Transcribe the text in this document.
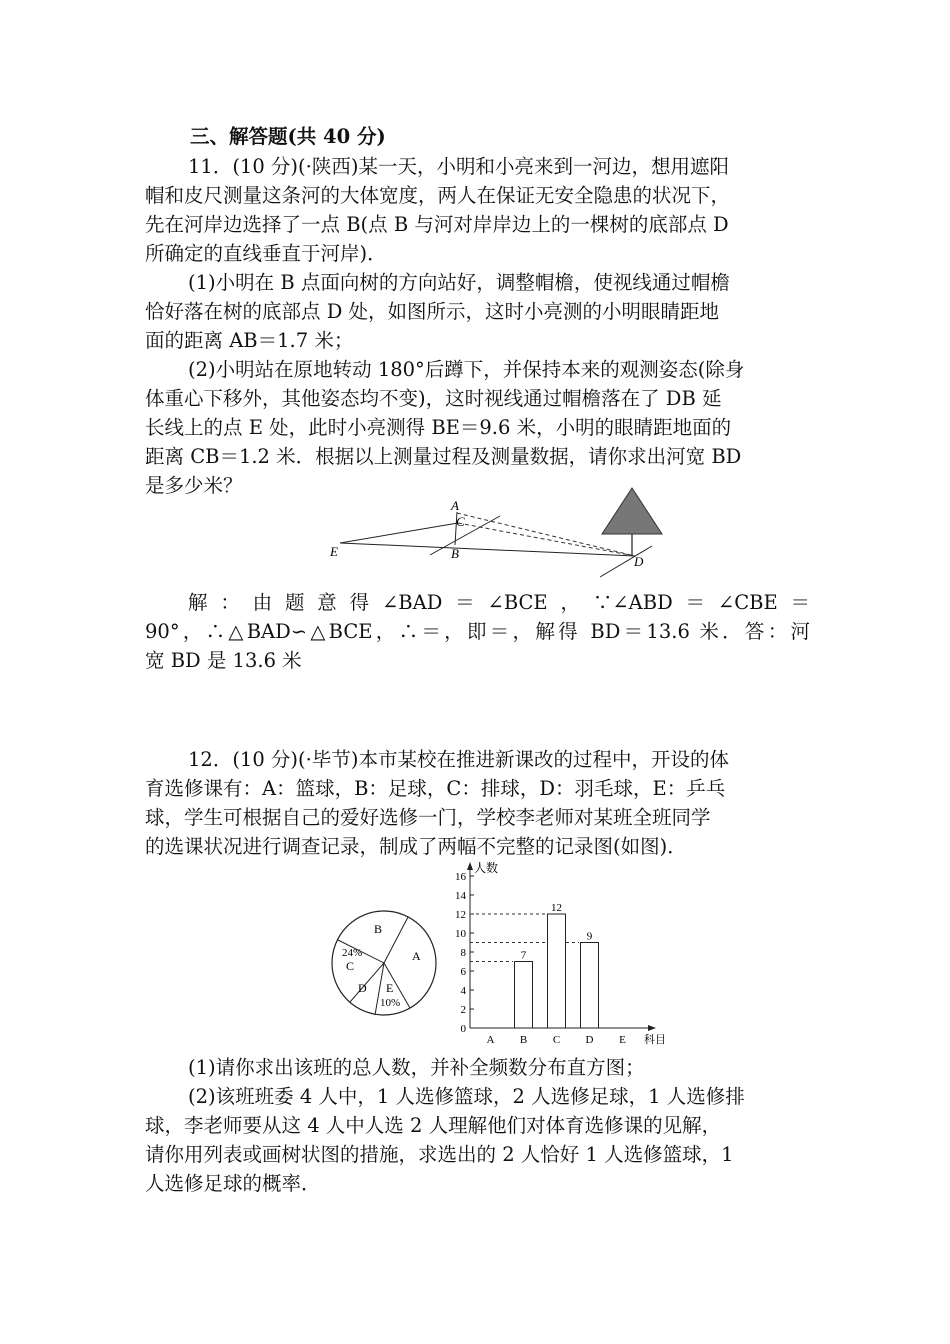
三、解答题(共 40 分)
11．(10 分)(·陕西)某一天，小明和小亮来到一河边，想用遮阳
帽和皮尺测量这条河的大体宽度，两人在保证无安全隐患的状况下，
先在河岸边选择了一点 B(点 B 与河对岸岸边上的一棵树的底部点 D
所确定的直线垂直于河岸)．
(1)小明在 B 点面向树的方向站好，调整帽檐，使视线通过帽檐
恰好落在树的底部点 D 处，如图所示，这时小亮测的小明眼睛距地
面的距离 AB＝1.7 米；
(2)小明站在原地转动 180°后蹲下，并保持本来的观测姿态(除身
体重心下移外，其他姿态均不变)，这时视线通过帽檐落在了 DB 延
长线上的点 E 处，此时小亮测得 BE＝9.6 米，小明的眼睛距地面的
距离 CB＝1.2 米．根据以上测量过程及测量数据，请你求出河宽 BD
是多少米？
A
C
E	B
D
解：由题意得∠BAD＝∠BCE，∵∠ABD＝∠CBE＝
90°，∴△BAD∽△BCE，∴＝，即＝，解得 BD＝13.6 米．答：河
宽 BD 是 13.6 米
12．(10 分)(·毕节)本市某校在推进新课改的过程中，开设的体
育选修课有：A：篮球，B：足球，C：排球，D：羽毛球，E：乒乓
球，学生可根据自己的爱好选修一门，学校李老师对某班全班同学
的选课状况进行调查记录，制成了两幅不完整的记录图(如图)．
B
A
24%
C
D E
10%
人数
科目
0
2
4
6
8
10
12
14
16
A B C D E
7
12
9
(1)请你求出该班的总人数，并补全频数分布直方图；
(2)该班班委 4 人中，1 人选修篮球，2 人选修足球，1 人选修排
球，李老师要从这 4 人中人选 2 人理解他们对体育选修课的见解，
请你用列表或画树状图的措施，求选出的 2 人恰好 1 人选修篮球，1
人选修足球的概率．
